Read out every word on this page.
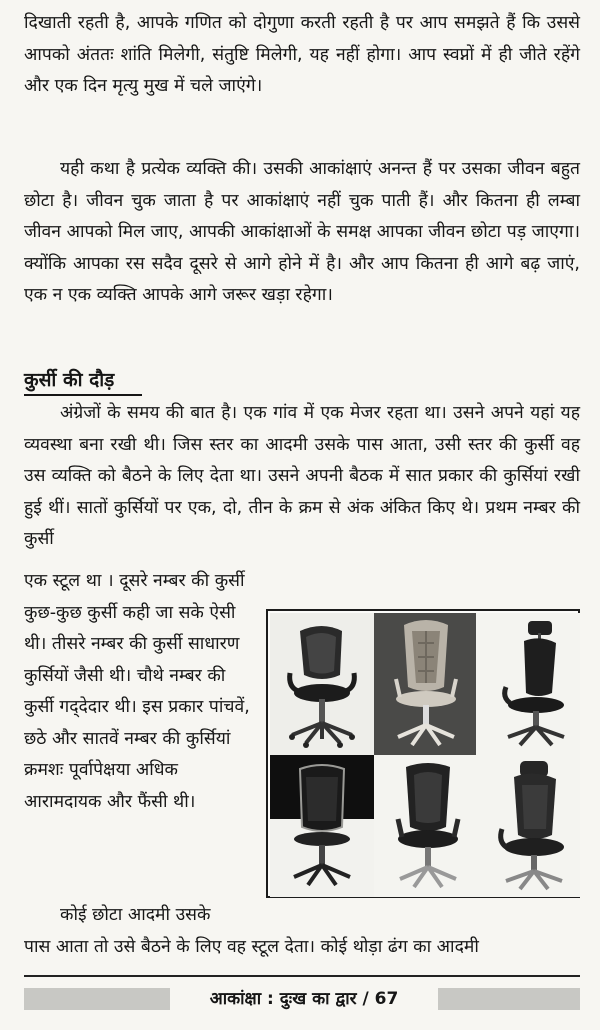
दिखाती रहती है, आपके गणित को दोगुणा करती रहती है पर आप समझते हैं कि उससे आपको अंततः शांति मिलेगी, संतुष्टि मिलेगी, यह नहीं होगा। आप स्वप्नों में ही जीते रहेंगे और एक दिन मृत्यु मुख में चले जाएंगे।

यही कथा है प्रत्येक व्यक्ति की। उसकी आकांक्षाएं अनन्त हैं पर उसका जीवन बहुत छोटा है। जीवन चुक जाता है पर आकांक्षाएं नहीं चुक पाती हैं। और कितना ही लम्बा जीवन आपको मिल जाए, आपकी आकांक्षाओं के समक्ष आपका जीवन छोटा पड़ जाएगा। क्योंकि आपका रस सदैव दूसरे से आगे होने में है। और आप कितना ही आगे बढ़ जाएं, एक न एक व्यक्ति आपके आगे जरूर खड़ा रहेगा।

कुर्सी की दौड़

अंग्रेजों के समय की बात है। एक गांव में एक मेजर रहता था। उसने अपने यहां यह व्यवस्था बना रखी थी। जिस स्तर का आदमी उसके पास आता, उसी स्तर की कुर्सी वह उस व्यक्ति को बैठने के लिए देता था। उसने अपनी बैठक में सात प्रकार की कुर्सियां रखी हुई थीं। सातों कुर्सियों पर एक, दो, तीन के क्रम से अंक अंकित किए थे। प्रथम नम्बर की कुर्सी

एक स्टूल था । दूसरे नम्बर की कुर्सी कुछ-कुछ कुर्सी कही जा सके ऐसी थी। तीसरे नम्बर की कुर्सी साधारण कुर्सियों जैसी थी। चौथे नम्बर की कुर्सी गद्‌देदार थी। इस प्रकार पांचवें, छठे और सातवें नम्बर की कुर्सियां क्रमशः पूर्वापेक्षया अधिक आरामदायक और फैंसी थी।

कोई छोटा आदमी उसके

पास आता तो उसे बैठने के लिए वह स्टूल देता। कोई थोड़ा ढंग का आदमी

आकांक्षा : दुःख का द्वार / 67
